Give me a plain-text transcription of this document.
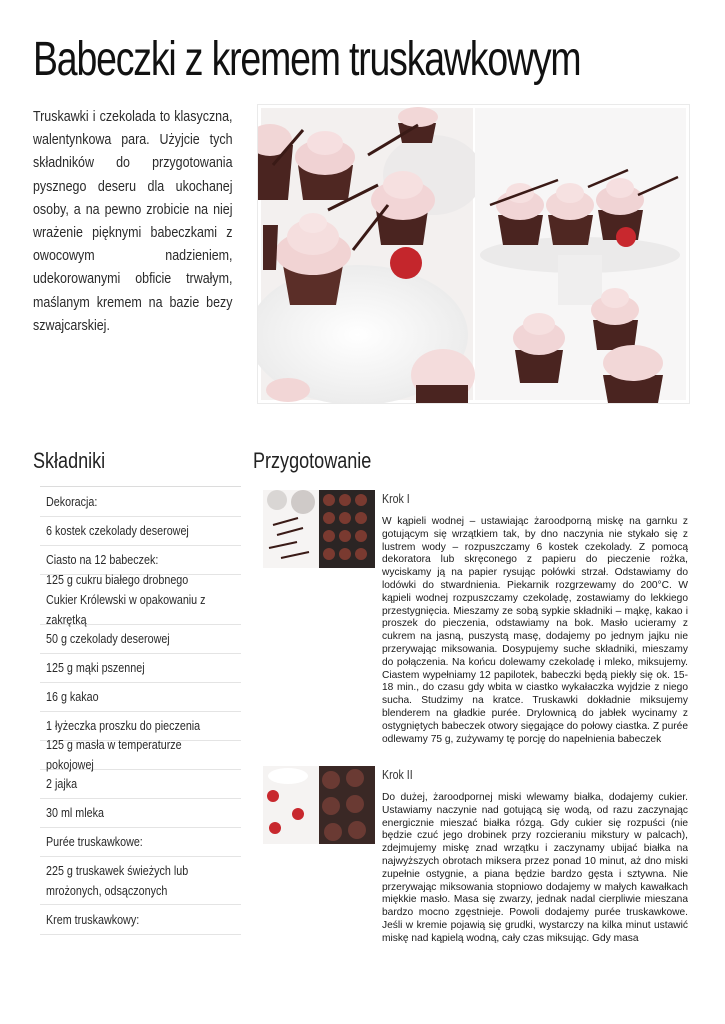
Babeczki z kremem truskawkowym
Truskawki i czekolada to klasyczna, walentynkowa para. Użyjcie tych składników do przygotowania pysznego deseru dla ukochanej osoby, a na pewno zrobicie na niej wrażenie pięknymi babeczkami z owocowym nadzieniem, udekorowanymi obficie trwałym, maślanym kremem na bazie bezy szwajcarskiej.
Składniki	Przygotowanie
Dekoracja:
6 kostek czekolady deserowej
Ciasto na 12 babeczek:
125 g cukru białego drobnego Cukier Królewski w opakowaniu z zakrętką
50 g czekolady deserowej
125 g mąki pszennej
16 g kakao
1 łyżeczka proszku do pieczenia
125 g masła w temperaturze pokojowej
2 jajka
30 ml mleka
Purée truskawkowe:
225 g truskawek świeżych lub mrożonych, odsączonych
Krem truskawkowy:
Krok I
W kąpieli wodnej – ustawiając żaroodporną miskę na garnku z gotującym się wrzątkiem tak, by dno naczynia nie stykało się z lustrem wody – rozpuszczamy 6 kostek czekolady. Z pomocą dekoratora lub skręconego z papieru do pieczenie rożka, wyciskamy ją na papier rysując połówki strzał. Odstawiamy do lodówki do stwardnienia. Piekarnik rozgrzewamy do 200°C. W kąpieli wodnej rozpuszczamy czekoladę, zostawiamy do lekkiego przestygnięcia. Mieszamy ze sobą sypkie składniki – mąkę, kakao i proszek do pieczenia, odstawiamy na bok. Masło ucieramy z cukrem na jasną, puszystą masę, dodajemy po jednym jajku nie przerywając miksowania. Dosypujemy suche składniki, mieszamy do połączenia. Na końcu dolewamy czekoladę i mleko, miksujemy. Ciastem wypełniamy 12 papilotek, babeczki będą piekły się ok. 15-18 min., do czasu gdy wbita w ciastko wykałaczka wyjdzie z niego sucha. Studzimy na kratce. Truskawki dokładnie miksujemy blenderem na gładkie purée. Drylownicą do jabłek wycinamy z ostygniętych babeczek otwory sięgające do połowy ciastka. Z purée odlewamy 75 g, zużywamy tę porcję do napełnienia babeczek
Krok II
Do dużej, żaroodpornej miski wlewamy białka, dodajemy cukier. Ustawiamy naczynie nad gotującą się wodą, od razu zaczynając energicznie mieszać białka rózgą. Gdy cukier się rozpuści (nie będzie czuć jego drobinek przy rozcieraniu mikstury w palcach), zdejmujemy miskę znad wrzątku i zaczynamy ubijać białka na najwyższych obrotach miksera przez ponad 10 minut, aż dno miski zupełnie ostygnie, a piana będzie bardzo gęsta i sztywna. Nie przerywając miksowania stopniowo dodajemy w małych kawałkach miękkie masło. Masa się zwarzy, jednak nadal cierpliwie mieszana bardzo mocno zgęstnieje. Powoli dodajemy purée truskawkowe. Jeśli w kremie pojawią się grudki, wystarczy na kilka minut ustawić miskę nad kąpielą wodną, cały czas miksując. Gdy masa
